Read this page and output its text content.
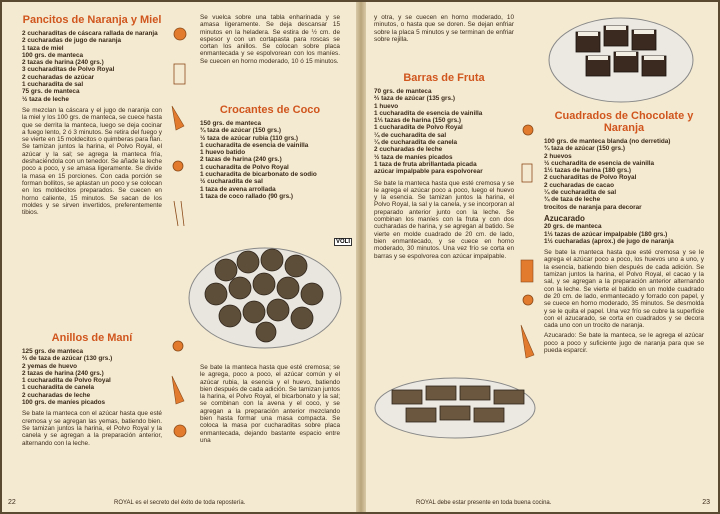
Pancitos de Naranja y Miel
2 cucharaditas de cáscara rallada de naranja
2 cucharadas de jugo de naranja
1 taza de miel
100 grs. de manteca
2 tazas de harina (240 grs.)
3 cucharaditas de Polvo Royal
2 cucharadas de azúcar
1 cucharadita de sal
75 grs. de manteca
½ taza de leche

Se mezclan la cáscara y el jugo de naranja con la miel y los 100 grs. de manteca, se cuece hasta que se derrita la manteca, luego se deja cocinar a fuego lento, 2 ó 3 minutos. Se retira del fuego y se vierte en 15 moldecitos o quimberas para flan. Se tamizan juntos la harina, el Polvo Royal, el azúcar y la sal; se agrega la manteca fría, deshaciéndola con un tenedor. Se añade la leche poco a poco, y se amasa ligeramente. Se divide la masa en 15 porciones. Con cada porción se forman bollitos, se aplastan un poco y se colocan en los moldecitos preparados. Se cuecen en horno caliente, 15 minutos. Se sacan de los moldes y se sirven invertidos, preferentemente tibios.

Anillos de Maní
125 grs. de manteca
⅔ de taza de azúcar (130 grs.)
2 yemas de huevo
2 tazas de harina (240 grs.)
1 cucharadita de Polvo Royal
1 cucharadita de canela
2 cucharadas de leche
100 grs. de maníes picados

Se bate la manteca con el azúcar hasta que esté cremosa y se agregan las yemas, batiendo bien. Se tamizan juntos la harina, el Polvo Royal y la canela y se agregan a la preparación anterior, alternando con la leche.

Se vuelca sobre una tabla enharinada y se amasa ligeramente. Se deja descansar 15 minutos en la heladera. Se estira de ½ cm. de espesor y con un cortapasta para roscas se cortan los anillos. Se colocan sobre placa enmantecada y se espolvorean con los maníes. Se cuecen en horno moderado, 10 ó 15 minutos.

Crocantes de Coco
150 grs. de manteca
¾ taza de azúcar (150 grs.)
½ taza de azúcar rubia (110 grs.)
1 cucharadita de esencia de vainilla
1 huevo batido
2 tazas de harina (240 grs.)
1 cucharadita de Polvo Royal
1 cucharadita de bicarbonato de sodio
½ cucharadita de sal
1 taza de avena arrollada
1 taza de coco rallado (90 grs.)
VOLI

Se bate la manteca hasta que esté cremosa; se le agrega, poco a poco, el azúcar común y el azúcar rubia, la esencia y el huevo, batiendo bien después de cada adición. Se tamizan juntos la harina, el Polvo Royal, el bicarbonato y la sal; se combinan con la avena y el coco, y se agregan a la preparación anterior mezclando bien hasta formar una masa compacta. Se coloca la masa por cucharaditas sobre placa enmantecada, dejando bastante espacio entre una

22	ROYAL es el secreto del éxito de toda repostería.

y otra, y se cuecen en horno moderado, 10 minutos, o hasta que se doren. Se dejan enfriar sobre la placa 5 minutos y se terminan de enfriar sobre rejilla.

Barras de Fruta
70 grs. de manteca
⅔ taza de azúcar (135 grs.)
1 huevo
1 cucharadita de esencia de vainilla
1⅓ tazas de harina (150 grs.)
1 cucharadita de Polvo Royal
¼ de cucharadita de sal
¼ de cucharadita de canela
2 cucharadas de leche
½ taza de maníes picados
1 taza de fruta abrillantada picada
azúcar impalpable para espolvorear

Se bate la manteca hasta que esté cremosa y se le agrega el azúcar poco a poco, luego el huevo y la esencia. Se tamizan juntos la harina, el Polvo Royal, la sal y la canela, y se incorporan al preparado anterior junto con la leche. Se combinan los maníes con la fruta y con dos cucharadas de harina, y se agregan al batido. Se vierte en molde cuadrado de 20 cm. de lado, bien enmantecado, y se cuece en horno moderado, 30 minutos. Una vez frío se corta en barras y se espolvorea con azúcar impalpable.

Cuadrados de Chocolate y Naranja
100 grs. de manteca blanda (no derretida)
¾ taza de azúcar (150 grs.)
2 huevos
½ cucharadita de esencia de vainilla
1½ tazas de harina (180 grs.)
2 cucharaditas de Polvo Royal
2 cucharadas de cacao
¼ de cucharadita de sal
¾ de taza de leche
trocitos de naranja para decorar
Azucarado
20 grs. de manteca
1½ tazas de azúcar impalpable (180 grs.)
1½ cucharadas (aprox.) de jugo de naranja

Se bate la manteca hasta que esté cremosa y se le agrega el azúcar poco a poco, los huevos uno a uno, y la esencia, batiendo bien después de cada adición. Se tamizan juntos la harina, el Polvo Royal, el cacao y la sal, y se agregan a la preparación anterior alternando con la leche. Se vierte el batido en un molde cuadrado de 20 cm. de lado, enmantecado y forrado con papel, y se cuece en horno moderado, 35 minutos. Se desmolda y se le quita el papel. Una vez frío se cubre la superficie con el azucarado, se corta en cuadrados y se decora cada uno con un trocito de naranja.

Azucarado: Se bate la manteca, se le agrega el azúcar poco a poco y suficiente jugo de naranja para que se pueda esparcir.

ROYAL debe estar presente en toda buena cocina.	23
